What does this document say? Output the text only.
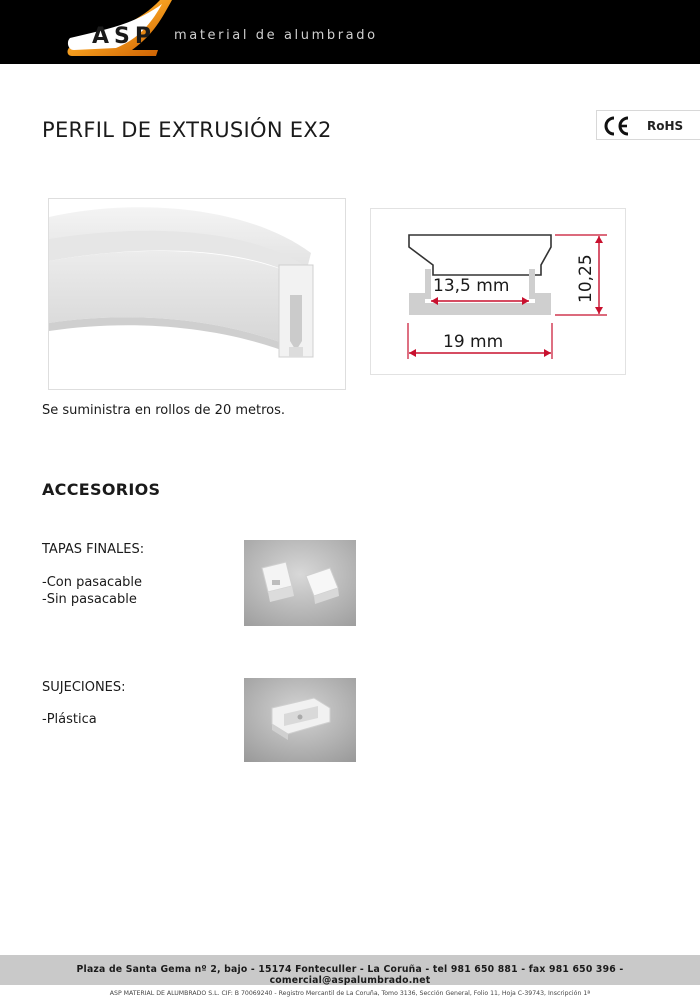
ASP material de alumbrado
PERFIL DE EXTRUSIÓN EX2	RoHS
13,5 mm
19 mm
10,25
Se suministra en rollos de 20 metros.
ACCESORIOS
TAPAS FINALES:
-Con pasacable
-Sin pasacable
SUJECIONES:
-Plástica
Plaza de Santa Gema nº 2, bajo - 15174 Fonteculler - La Coruña - tel 981 650 881 - fax 981 650 396 - comercial@aspalumbrado.net
ASP MATERIAL DE ALUMBRADO S.L. CIF: B 70069240 - Registro Mercantil de La Coruña, Tomo 3136, Sección General, Folio 11, Hoja C-39743, Inscripción 1ª
